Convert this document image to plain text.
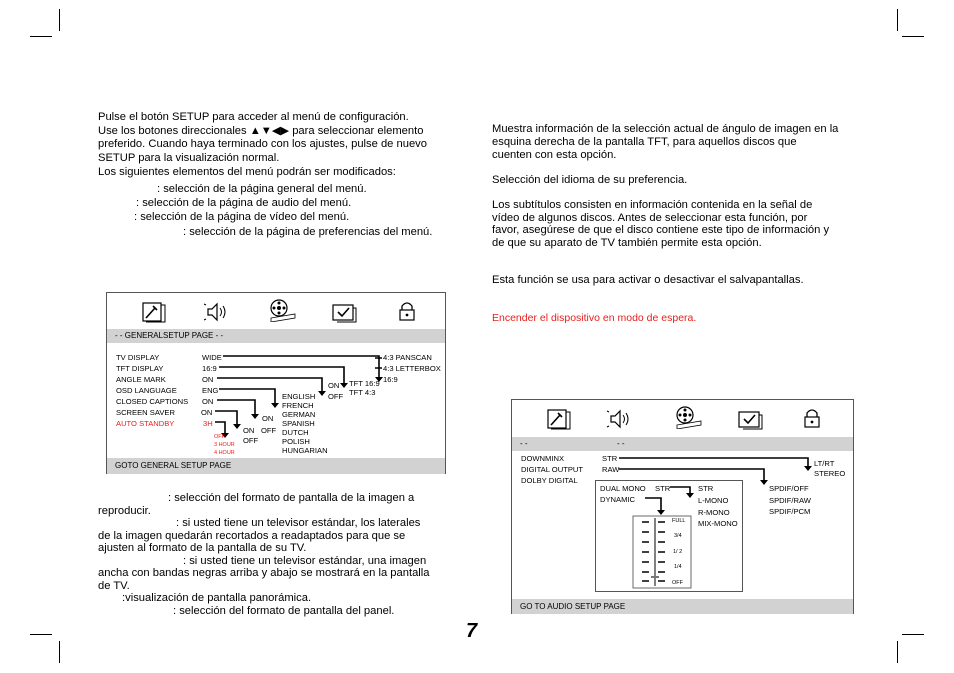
Pulse el botón SETUP para acceder al menú de configuración.

Use los botones direccionales ▲▼◀▶ para seleccionar elemento

preferido. Cuando haya terminado con los ajustes, pulse de nuevo

SETUP para la visualización normal.

Los siguientes elementos del menú podrán ser modificados:

: selección de la página general del menú.

: selección de la página de audio del menú.

: selección de la página de vídeo del menú.

: selección de la página de preferencias del menú.

: selección del formato de pantalla de la imagen a

reproducir.

: si usted tiene un televisor estándar, los laterales

de la imagen quedarán recortados a readaptados para que se

ajusten al formato de la pantalla de su TV.

: si usted tiene un televisor estándar, una imagen

ancha con bandas negras arriba y abajo se mostrará en la pantalla

de TV.

:visualización de pantalla panorámica.

: selección del formato de pantalla del panel.

Muestra información de la selección actual de ángulo de imagen en la

esquina derecha de la pantalla TFT, para aquellos discos que

cuenten con esta opción.

Selección del idioma de su preferencia.

Los subtítulos consisten en información contenida en la señal de

vídeo de algunos discos. Antes de seleccionar esta función, por

favor, asegúrese de que el disco contiene este tipo de información y

de que su aparato de TV también permite esta opción.

Esta función se usa para activar o desactivar el salvapantallas.

Encender el dispositivo en modo de espera.

- - GENERALSETUP PAGE - -
TV DISPLAY	WIDE
TFT DISPLAY	16:9
ANGLE MARK	ON
OSD LANGUAGE	ENG
CLOSED CAPTIONS ON
SCREEN SAVER	ON
AUTO STANDBY	3H
4:3 PANSCAN
4:3 LETTERBOX
16:9
TFT 16:9
TFT 4:3
ON
OFF
ENGLISH
FRENCH
GERMAN
SPANISH
DUTCH
POLISH
HUNGARIAN
ON
OFF
ON
OFF
OFF
3 HOUR
4 HOUR
GOTO GENERAL SETUP PAGE
- -	- -
DOWNMINX	STR
DIGITAL OUTPUT RAW
DOLBY DIGITAL
LT/RT
STEREO
SPDIF/OFF
SPDIF/RAW
SPDIF/PCM
DUAL MONO STR
DYNAMIC
STR
L-MONO
R-MONO
MIX-MONO
FULL
3/4
1/ 2
1/4
OFF
GO TO AUDIO SETUP PAGE
7
